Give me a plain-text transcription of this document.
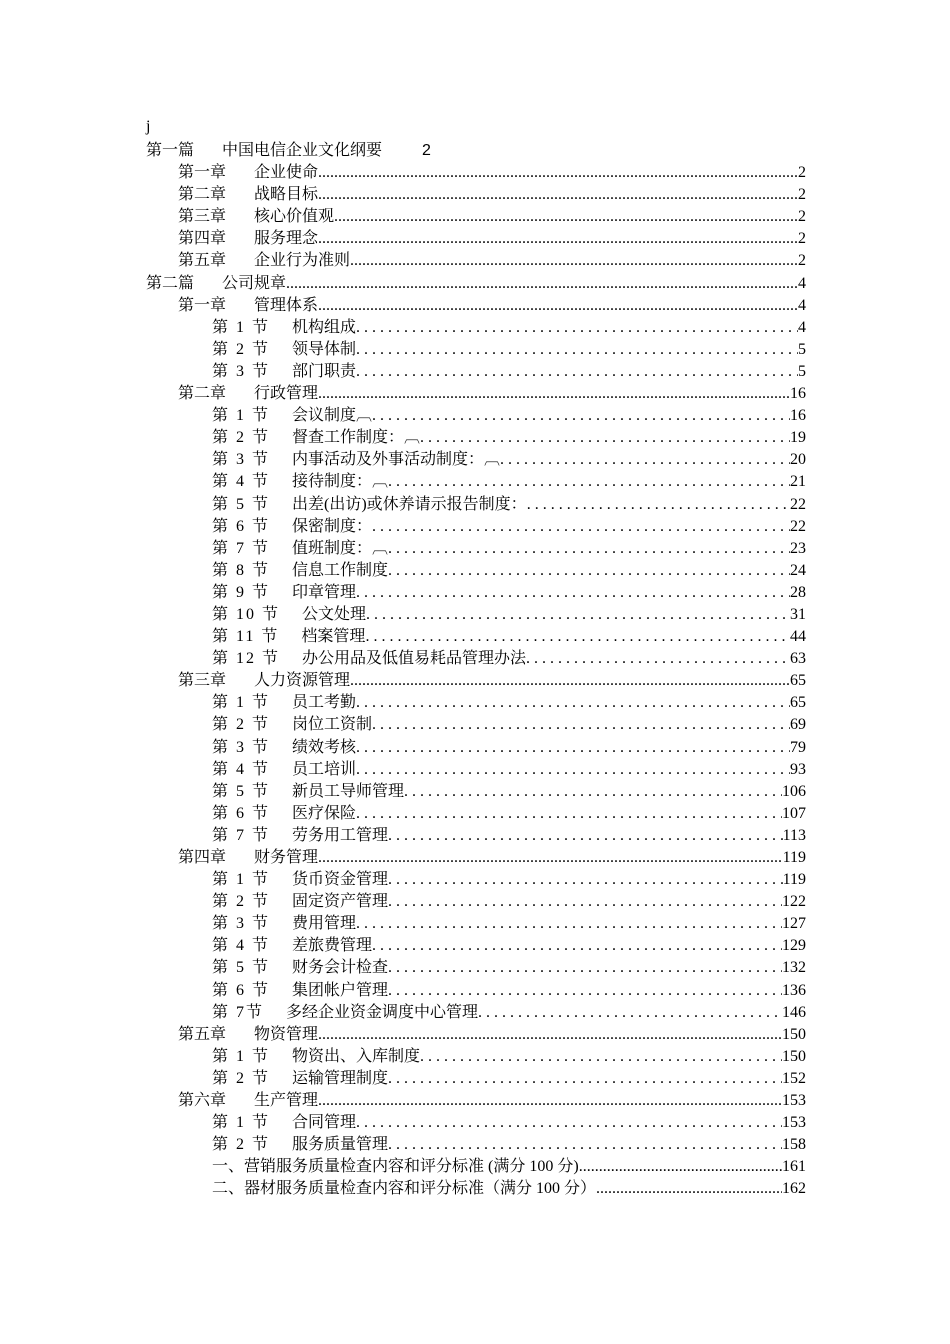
j
第一篇 中国电信企业文化纲要	2
第一章 企业使命 .....	2
第二章 战略目标 .....	2
第三章 核心价值观 .....	2
第四章 服务理念 .....	2
第五章 企业行为准则 .....	2
第二篇 公司规章 .....	4
第一章 管理体系 .....	4
第 1 节 机构组成 .....	4
第 2 节 领导体制 .....	5
第 3 节 部门职责 .....	5
第二章 行政管理 .....	16
第 1 节 会议制度︹ .....	16
第 2 节 督查工作制度：︹ .....	19
第 3 节 内事活动及外事活动制度：︹ .....	20
第 4 节 接待制度：︹ .....	21
第 5 节 出差(出访)或休养请示报告制度： .....	22
第 6 节 保密制度： .....	22
第 7 节 值班制度：︹ .....	23
第 8 节 信息工作制度 .....	24
第 9 节 印章管理 .....	28
第 10 节 公文处理 .....	31
第 11 节 档案管理 .....	44
第 12 节 办公用品及低值易耗品管理办法 .....	63
第三章 人力资源管理 .....	65
第 1 节 员工考勤 .....	65
第 2 节 岗位工资制 .....	69
第 3 节 绩效考核 .....	79
第 4 节 员工培训 .....	93
第 5 节 新员工导师管理 .....	106
第 6 节 医疗保险 .....	107
第 7 节 劳务用工管理 .....	113
第四章 财务管理 .....	119
第 1 节 货币资金管理 .....	119
第 2 节 固定资产管理 .....	122
第 3 节 费用管理 .....	127
第 4 节 差旅费管理 .....	129
第 5 节 财务会计检查 .....	132
第 6 节 集团帐户管理 .....	136
第 7节 多经企业资金调度中心管理 .....	146
第五章 物资管理 .....	150
第 1 节 物资出、入库制度 .....	150
第 2 节 运输管理制度 .....	152
第六章 生产管理 .....	153
第 1 节 合同管理 .....	153
第 2 节 服务质量管理 .....	158
一、营销服务质量检查内容和评分标准 (满分 100 分) .....	161
二、器材服务质量检查内容和评分标准（满分 100 分） .....	162
